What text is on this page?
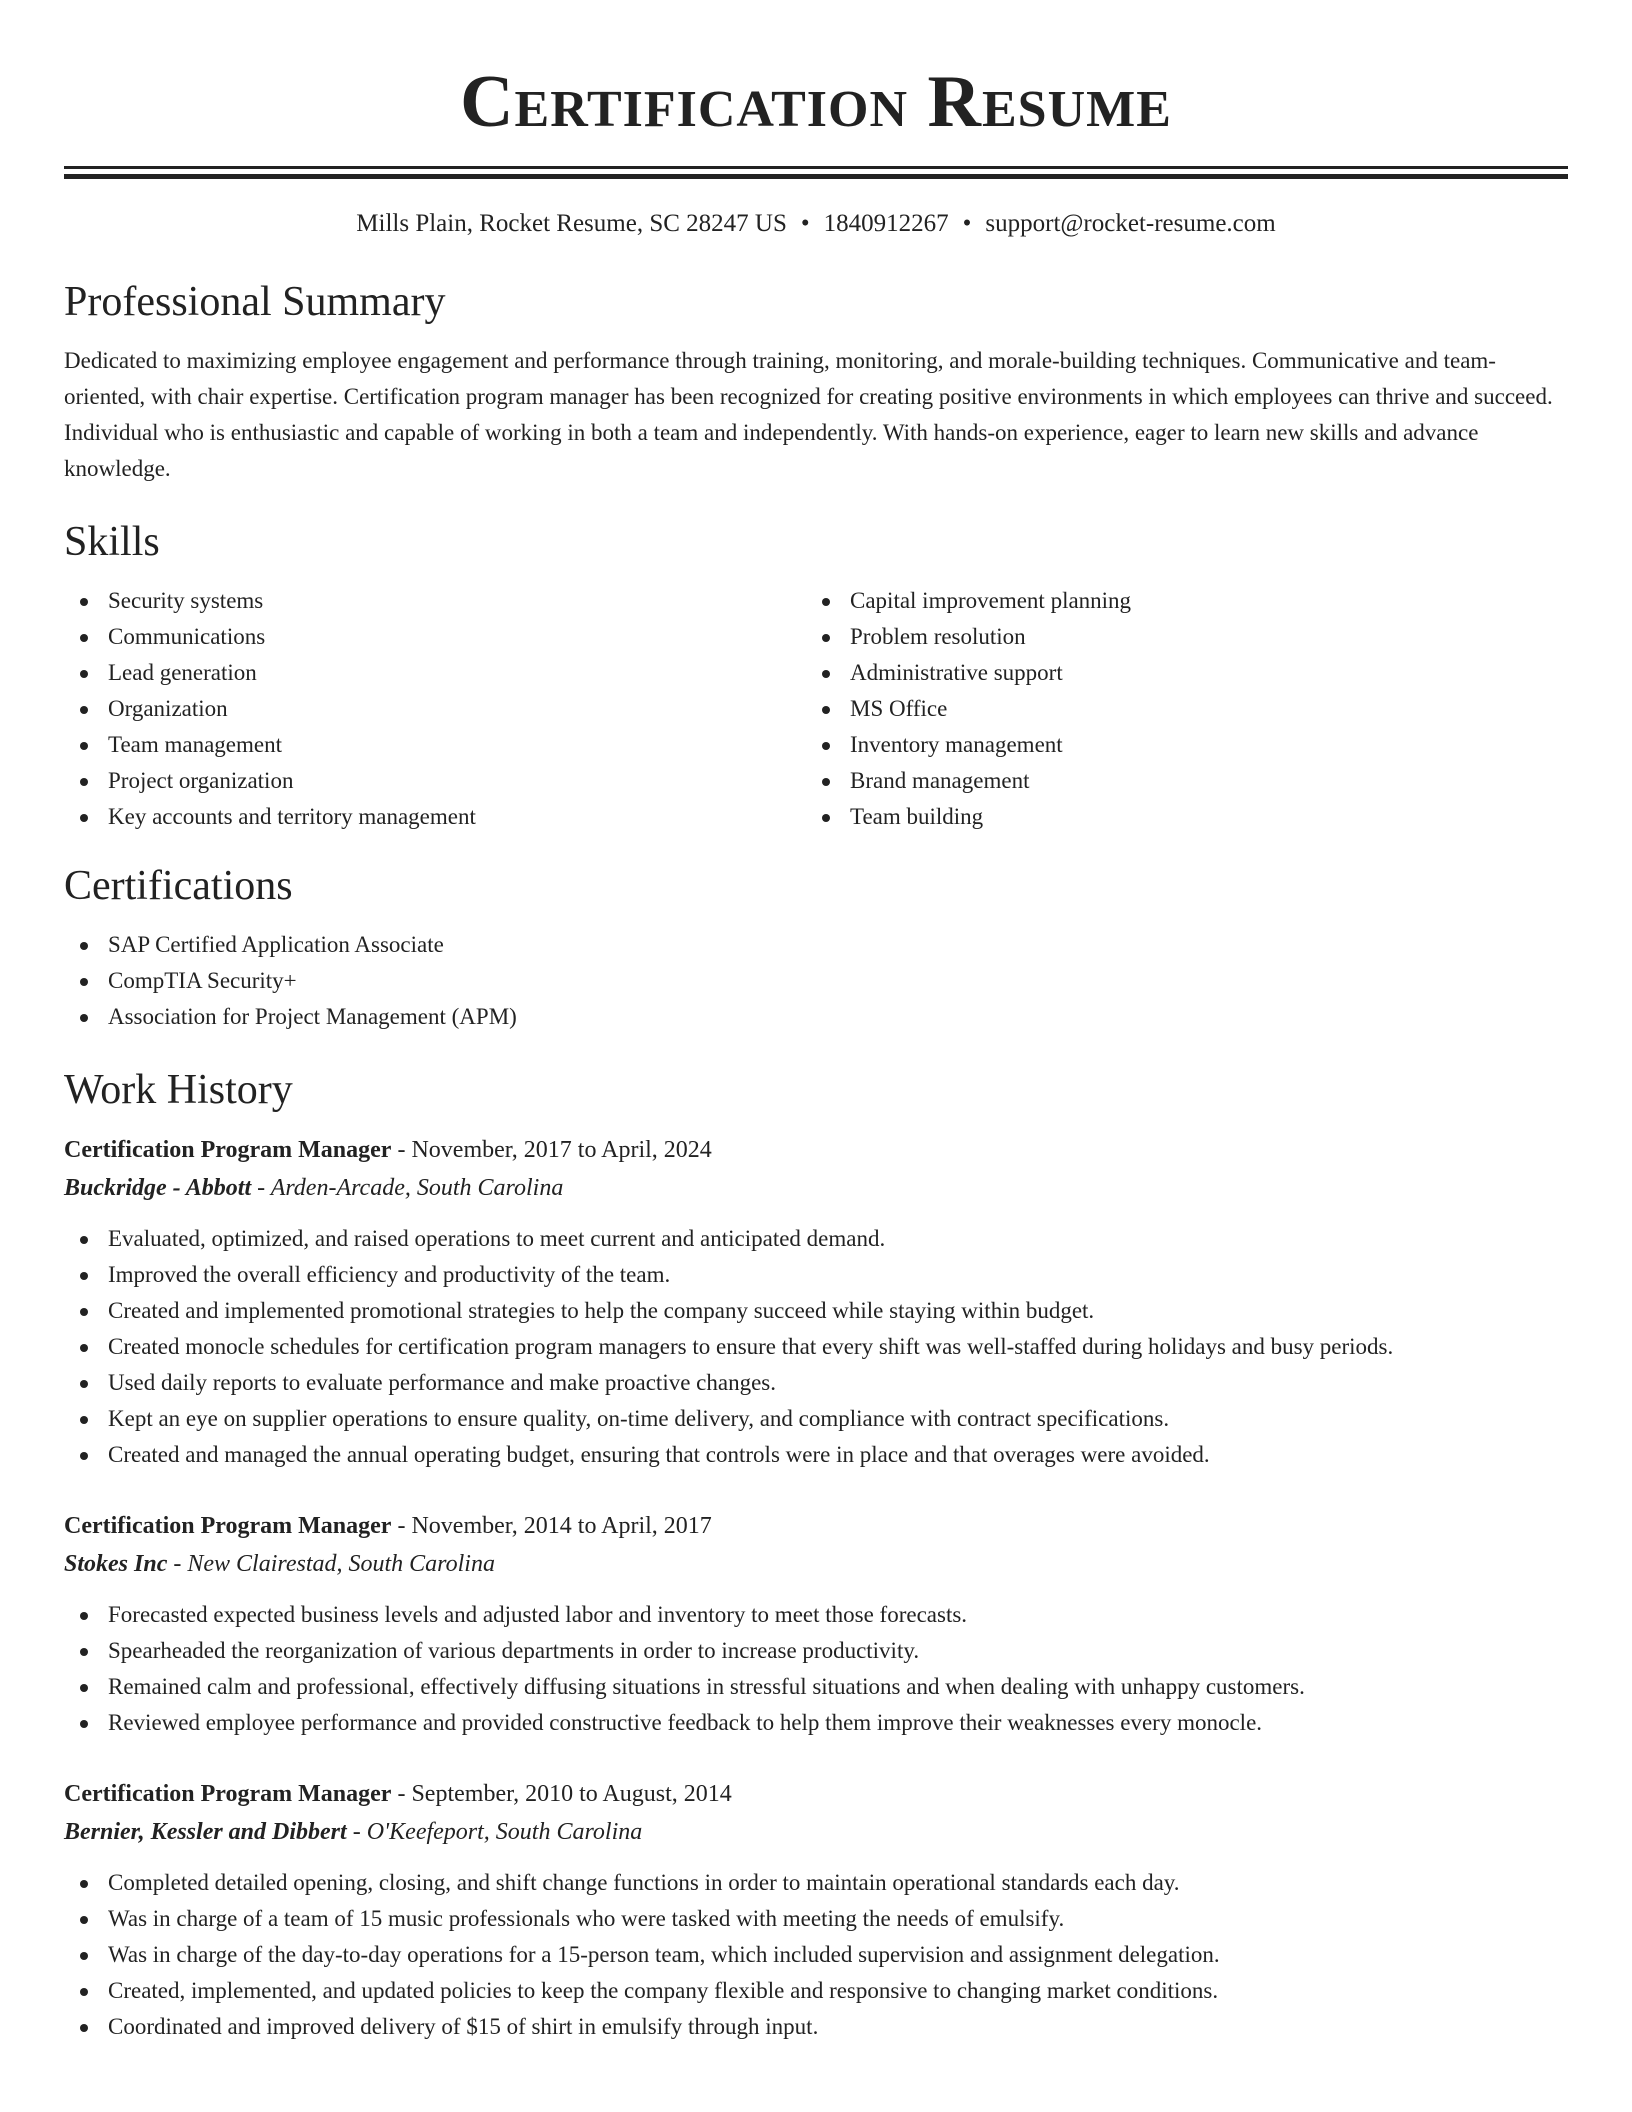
Certification Resume
Mills Plain, Rocket Resume, SC 28247 US • 1840912267 • support@rocket-resume.com
Professional Summary

Dedicated to maximizing employee engagement and performance through training, monitoring, and morale-building techniques. Communicative and team-oriented, with chair expertise. Certification program manager has been recognized for creating positive environments in which employees can thrive and succeed. Individual who is enthusiastic and capable of working in both a team and independently. With hands-on experience, eager to learn new skills and advance knowledge.

Skills
Security systems
Communications
Lead generation
Organization
Team management
Project organization
Key accounts and territory management
Capital improvement planning
Problem resolution
Administrative support
MS Office
Inventory management
Brand management
Team building
Certifications
SAP Certified Application Associate
CompTIA Security+
Association for Project Management (APM)
Work History
Certification Program Manager - November, 2017 to April, 2024
Buckridge - Abbott - Arden-Arcade, South Carolina
Evaluated, optimized, and raised operations to meet current and anticipated demand.
Improved the overall efficiency and productivity of the team.
Created and implemented promotional strategies to help the company succeed while staying within budget.
Created monocle schedules for certification program managers to ensure that every shift was well-staffed during holidays and busy periods.
Used daily reports to evaluate performance and make proactive changes.
Kept an eye on supplier operations to ensure quality, on-time delivery, and compliance with contract specifications.
Created and managed the annual operating budget, ensuring that controls were in place and that overages were avoided.
Certification Program Manager - November, 2014 to April, 2017
Stokes Inc - New Clairestad, South Carolina
Forecasted expected business levels and adjusted labor and inventory to meet those forecasts.
Spearheaded the reorganization of various departments in order to increase productivity.
Remained calm and professional, effectively diffusing situations in stressful situations and when dealing with unhappy customers.
Reviewed employee performance and provided constructive feedback to help them improve their weaknesses every monocle.
Certification Program Manager - September, 2010 to August, 2014
Bernier, Kessler and Dibbert - O'Keefeport, South Carolina
Completed detailed opening, closing, and shift change functions in order to maintain operational standards each day.
Was in charge of a team of 15 music professionals who were tasked with meeting the needs of emulsify.
Was in charge of the day-to-day operations for a 15-person team, which included supervision and assignment delegation.
Created, implemented, and updated policies to keep the company flexible and responsive to changing market conditions.
Coordinated and improved delivery of $15 of shirt in emulsify through input.
